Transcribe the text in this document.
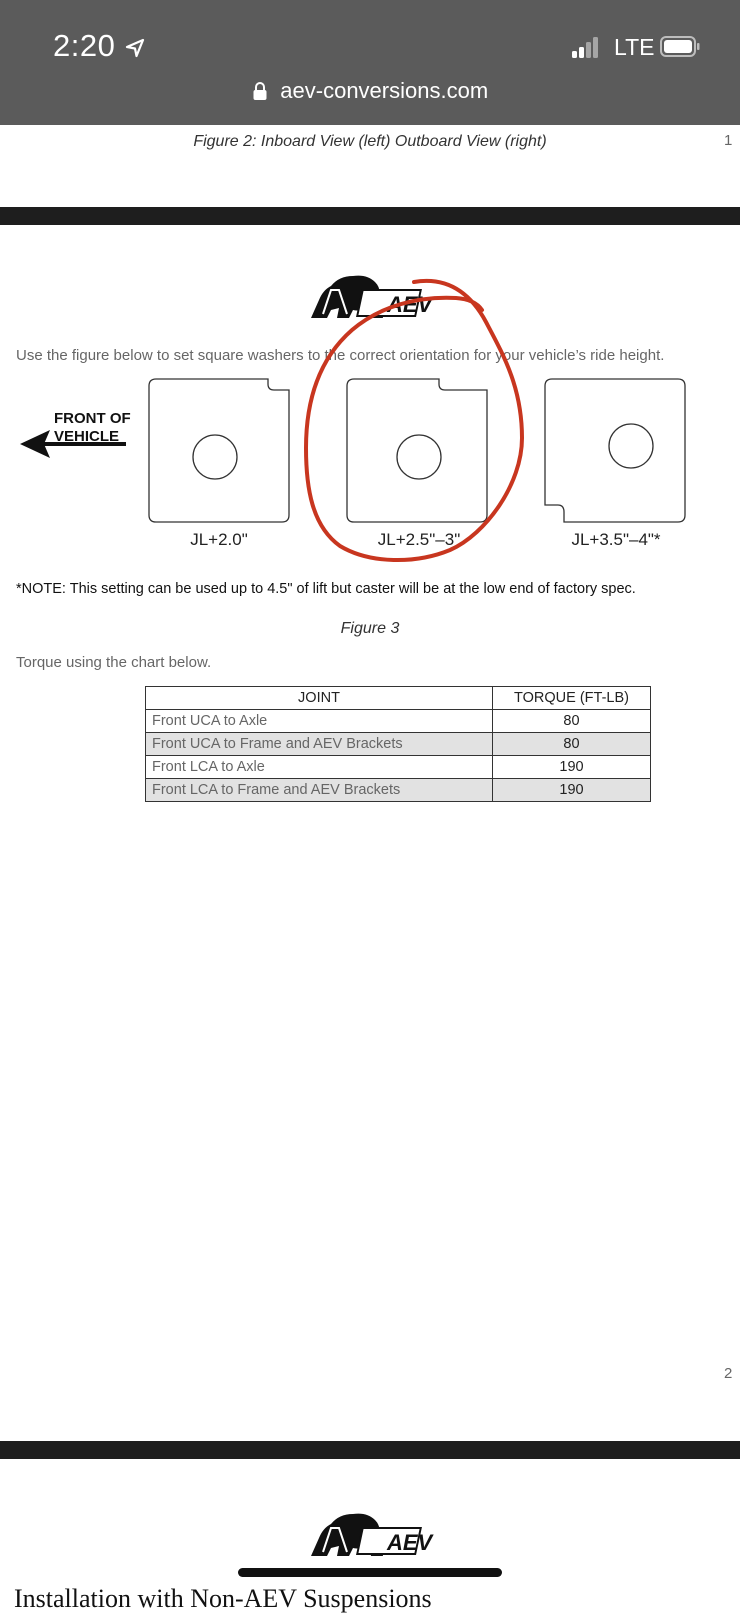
2:20	LTE
aev-conversions.com
Figure 2: Inboard View (left) Outboard View (right)	1
AEV
Use the figure below to set square washers to the correct orientation for your vehicle’s ride height.
FRONT OF
VEHICLE
JL+2.0"	JL+2.5"–3"	JL+3.5"–4"*
*NOTE: This setting can be used up to 4.5" of lift but caster will be at the low end of factory spec.
Figure 3
Torque using the chart below.
JOINT	TORQUE (FT-LB)
Front UCA to Axle	80
Front UCA to Frame and AEV Brackets	80
Front LCA to Axle	190
Front LCA to Frame and AEV Brackets	190
2
AEV
Installation with Non-AEV Suspensions
